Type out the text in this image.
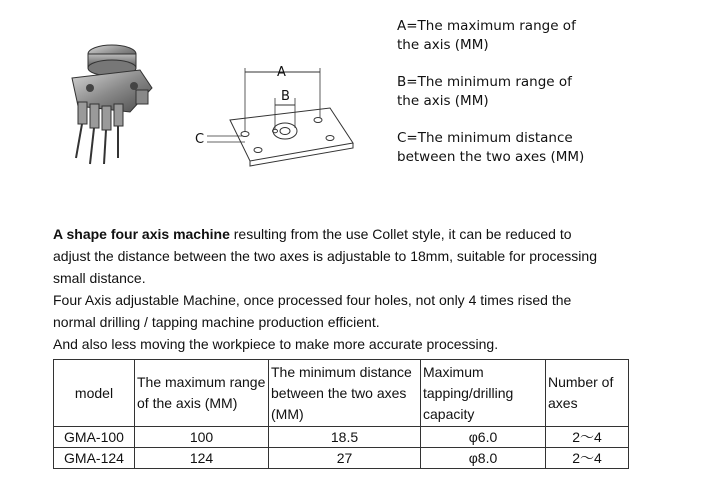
A
B
C

A=The maximum range of
the axis (MM)

B=The minimum range of
the axis (MM)

C=The minimum distance
between the two axes (MM)

A shape four axis machine resulting from the use Collet style, it can be reduced to
adjust the distance between the two axes is adjustable to 18mm, suitable for processing
small distance.

Four Axis adjustable Machine, once processed four holes, not only 4 times rised the
normal drilling / tapping machine production efficient.

And also less moving the workpiece to make more accurate processing.

model	The maximum range of the axis (MM)	The minimum distance between the two axes (MM)	Maximum tapping/drilling capacity	Number of axes
GMA-100	100	18.5	φ6.0	2～4
GMA-124	124	27	φ8.0	2～4
